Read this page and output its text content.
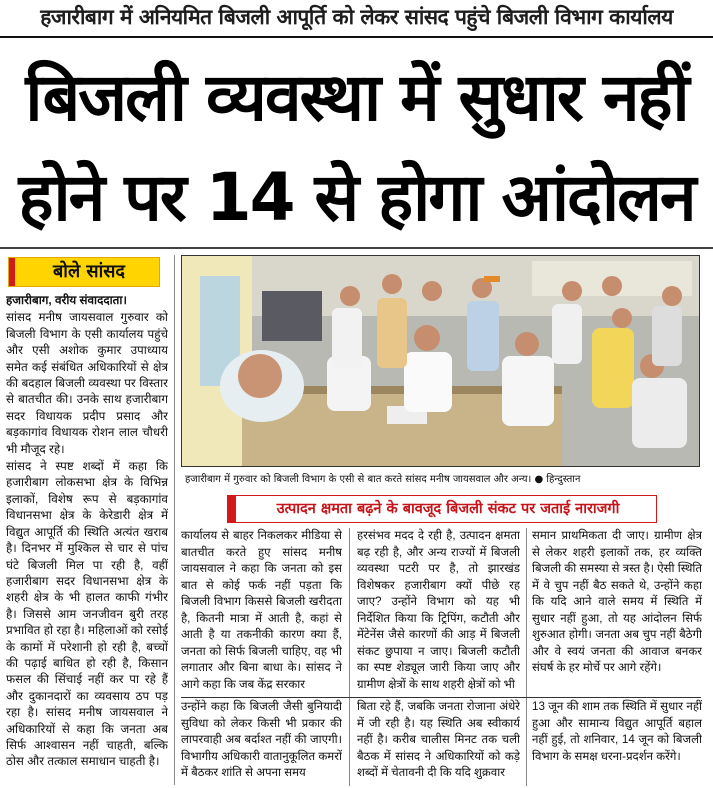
हजारीबाग में अनियमित बिजली आपूर्ति को लेकर सांसद पहुंचे बिजली विभाग कार्यालय
बिजली व्यवस्था में सुधार नहीं
होने पर 14 से होगा आंदोलन
बोले सांसद

हजारीबाग, वरीय संवाददाता।

सांसद मनीष जायसवाल गुरुवार को बिजली विभाग के एसी कार्यालय पहुंचे और एसी अशोक कुमार उपाध्याय समेत कई संबंधित अधिकारियों से क्षेत्र की बदहाल बिजली व्यवस्था पर विस्तार से बातचीत की। उनके साथ हजारीबाग सदर विधायक प्रदीप प्रसाद और बड़कागांव विधायक रोशन लाल चौधरी भी मौजूद रहे।

सांसद ने स्पष्ट शब्दों में कहा कि हजारीबाग लोकसभा क्षेत्र के विभिन्न इलाकों, विशेष रूप से बड़कागांव विधानसभा क्षेत्र के केरेडारी क्षेत्र में विद्युत आपूर्ति की स्थिति अत्यंत खराब है। दिनभर में मुश्किल से चार से पांच घंटे बिजली मिल पा रही है, वहीं हजारीबाग सदर विधानसभा क्षेत्र के शहरी क्षेत्र के भी हालत काफी गंभीर है। जिससे आम जनजीवन बुरी तरह प्रभावित हो रहा है। महिलाओं को रसोई के कामों में परेशानी हो रही है, बच्चों की पढ़ाई बाधित हो रही है, किसान फसल की सिंचाई नहीं कर पा रहे हैं और दुकानदारों का व्यवसाय ठप पड़ रहा है। सांसद मनीष जायसवाल ने अधिकारियों से कहा कि जनता अब सिर्फ आश्वासन नहीं चाहती, बल्कि ठोस और तत्काल समाधान चाहती है।

हजारीबाग में गुरुवार को बिजली विभाग के एसी से बात करते सांसद मनीष जायसवाल और अन्य। ● हिन्दुस्तान
उत्पादन क्षमता बढ़ने के बावजूद बिजली संकट पर जताई नाराजगी

कार्यालय से बाहर निकलकर मीडिया से बातचीत करते हुए सांसद मनीष जायसवाल ने कहा कि जनता को इस बात से कोई फर्क नहीं पड़ता कि बिजली विभाग किससे बिजली खरीदता है, कितनी मात्रा में आती है, कहां से आती है या तकनीकी कारण क्या हैं, जनता को सिर्फ बिजली चाहिए, वह भी लगातार और बिना बाधा के। सांसद ने आगे कहा कि जब केंद्र सरकार

हरसंभव मदद दे रही है, उत्पादन क्षमता बढ़ रही है, और अन्य राज्यों में बिजली व्यवस्था पटरी पर है, तो झारखंड विशेषकर हजारीबाग क्यों पीछे रह जाए? उन्होंने विभाग को यह भी निर्देशित किया कि ट्रिपिंग, कटौती और मेंटेनेंस जैसे कारणों की आड़ में बिजली संकट छुपाया न जाए। बिजली कटौती का स्पष्ट शेड्यूल जारी किया जाए और ग्रामीण क्षेत्रों के साथ शहरी क्षेत्रों को भी

समान प्राथमिकता दी जाए। ग्रामीण क्षेत्र से लेकर शहरी इलाकों तक, हर व्यक्ति बिजली की समस्या से त्रस्त है। ऐसी स्थिति में वे चुप नहीं बैठ सकते थे, उन्होंने कहा कि यदि आने वाले समय में स्थिति में सुधार नहीं हुआ, तो यह आंदोलन सिर्फ शुरुआत होगी। जनता अब चुप नहीं बैठेगी और वे स्वयं जनता की आवाज बनकर संघर्ष के हर मोर्चे पर आगे रहेंगे।

उन्होंने कहा कि बिजली जैसी बुनियादी सुविधा को लेकर किसी भी प्रकार की लापरवाही अब बर्दाश्त नहीं की जाएगी। विभागीय अधिकारी वातानुकूलित कमरों में बैठकर शांति से अपना समय

बिता रहे हैं, जबकि जनता रोजाना अंधेरे में जी रही है। यह स्थिति अब स्वीकार्य नहीं है। करीब चालीस मिनट तक चली बैठक में सांसद ने अधिकारियों को कड़े शब्दों में चेतावनी दी कि यदि शुक्रवार

13 जून की शाम तक स्थिति में सुधार नहीं हुआ और सामान्य विद्युत आपूर्ति बहाल नहीं हुई, तो शनिवार, 14 जून को बिजली विभाग के समक्ष धरना-प्रदर्शन करेंगे।
